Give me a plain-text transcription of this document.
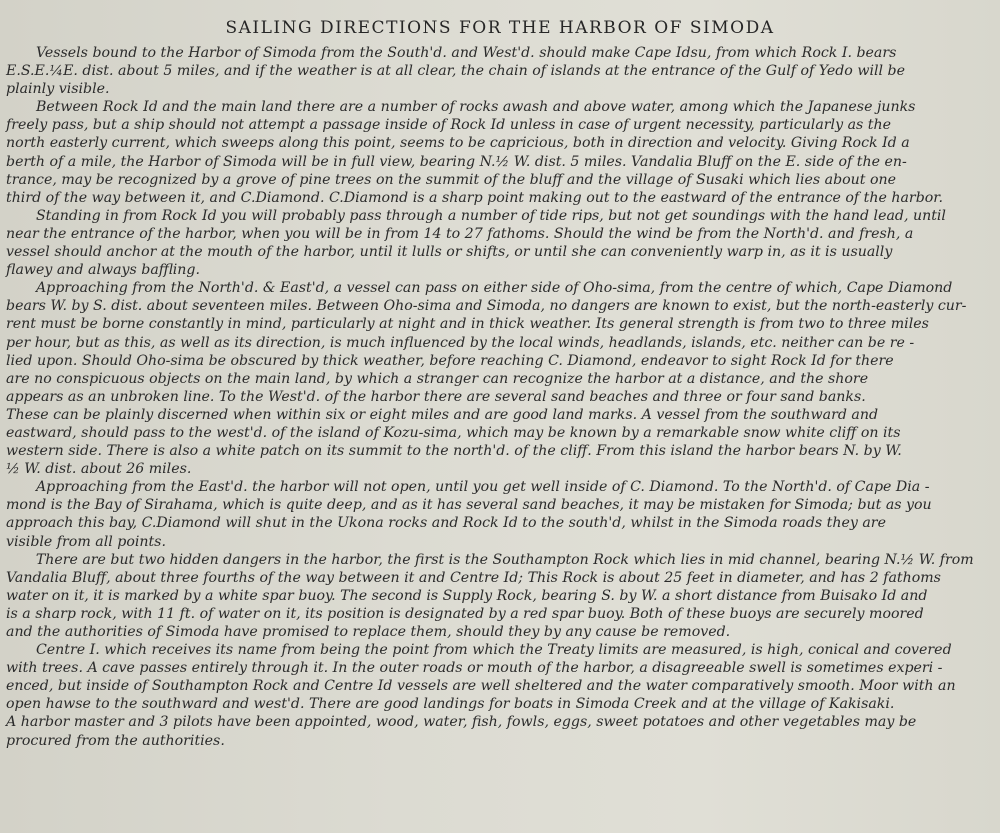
SAILING DIRECTIONS FOR THE HARBOR OF SIMODA

Vessels bound to the Harbor of Simoda from the South'd. and West'd. should make Cape Idsu, from which Rock I. bears
E.S.E.¼E. dist. about 5 miles, and if the weather is at all clear, the chain of islands at the entrance of the Gulf of Yedo will be
plainly visible.

Between Rock Id and the main land there are a number of rocks awash and above water, among which the Japanese junks
freely pass, but a ship should not attempt a passage inside of Rock Id unless in case of urgent necessity, particularly as the
north easterly current, which sweeps along this point, seems to be capricious, both in direction and velocity. Giving Rock Id a
berth of a mile, the Harbor of Simoda will be in full view, bearing N.½ W. dist. 5 miles. Vandalia Bluff on the E. side of the en-
trance, may be recognized by a grove of pine trees on the summit of the bluff and the village of Susaki which lies about one
third of the way between it, and C.Diamond. C.Diamond is a sharp point making out to the eastward of the entrance of the harbor.

Standing in from Rock Id you will probably pass through a number of tide rips, but not get soundings with the hand lead, until
near the entrance of the harbor, when you will be in from 14 to 27 fathoms. Should the wind be from the North'd. and fresh, a
vessel should anchor at the mouth of the harbor, until it lulls or shifts, or until she can conveniently warp in, as it is usually
flawey and always baffling.

Approaching from the North'd. & East'd, a vessel can pass on either side of Oho-sima, from the centre of which, Cape Diamond
bears W. by S. dist. about seventeen miles. Between Oho-sima and Simoda, no dangers are known to exist, but the north-easterly cur-
rent must be borne constantly in mind, particularly at night and in thick weather. Its general strength is from two to three miles
per hour, but as this, as well as its direction, is much influenced by the local winds, headlands, islands, etc. neither can be re -
lied upon. Should Oho-sima be obscured by thick weather, before reaching C. Diamond, endeavor to sight Rock Id for there
are no conspicuous objects on the main land, by which a stranger can recognize the harbor at a distance, and the shore
appears as an unbroken line. To the West'd. of the harbor there are several sand beaches and three or four sand banks.
These can be plainly discerned when within six or eight miles and are good land marks. A vessel from the southward and
eastward, should pass to the west'd. of the island of Kozu-sima, which may be known by a remarkable snow white cliff on its
western side. There is also a white patch on its summit to the north'd. of the cliff. From this island the harbor bears N. by W.
½ W. dist. about 26 miles.

Approaching from the East'd. the harbor will not open, until you get well inside of C. Diamond. To the North'd. of Cape Dia -
mond is the Bay of Sirahama, which is quite deep, and as it has several sand beaches, it may be mistaken for Simoda; but as you
approach this bay, C.Diamond will shut in the Ukona rocks and Rock Id to the south'd, whilst in the Simoda roads they are
visible from all points.

There are but two hidden dangers in the harbor, the first is the Southampton Rock which lies in mid channel, bearing N.½ W. from
Vandalia Bluff, about three fourths of the way between it and Centre Id; This Rock is about 25 feet in diameter, and has 2 fathoms
water on it, it is marked by a white spar buoy. The second is Supply Rock, bearing S. by W. a short distance from Buisako Id and
is a sharp rock, with 11 ft. of water on it, its position is designated by a red spar buoy. Both of these buoys are securely moored
and the authorities of Simoda have promised to replace them, should they by any cause be removed.

Centre I. which receives its name from being the point from which the Treaty limits are measured, is high, conical and covered
with trees. A cave passes entirely through it. In the outer roads or mouth of the harbor, a disagreeable swell is sometimes experi -
enced, but inside of Southampton Rock and Centre Id vessels are well sheltered and the water comparatively smooth. Moor with an
open hawse to the southward and west'd. There are good landings for boats in Simoda Creek and at the village of Kakisaki.
A harbor master and 3 pilots have been appointed, wood, water, fish, fowls, eggs, sweet potatoes and other vegetables may be
procured from the authorities.
